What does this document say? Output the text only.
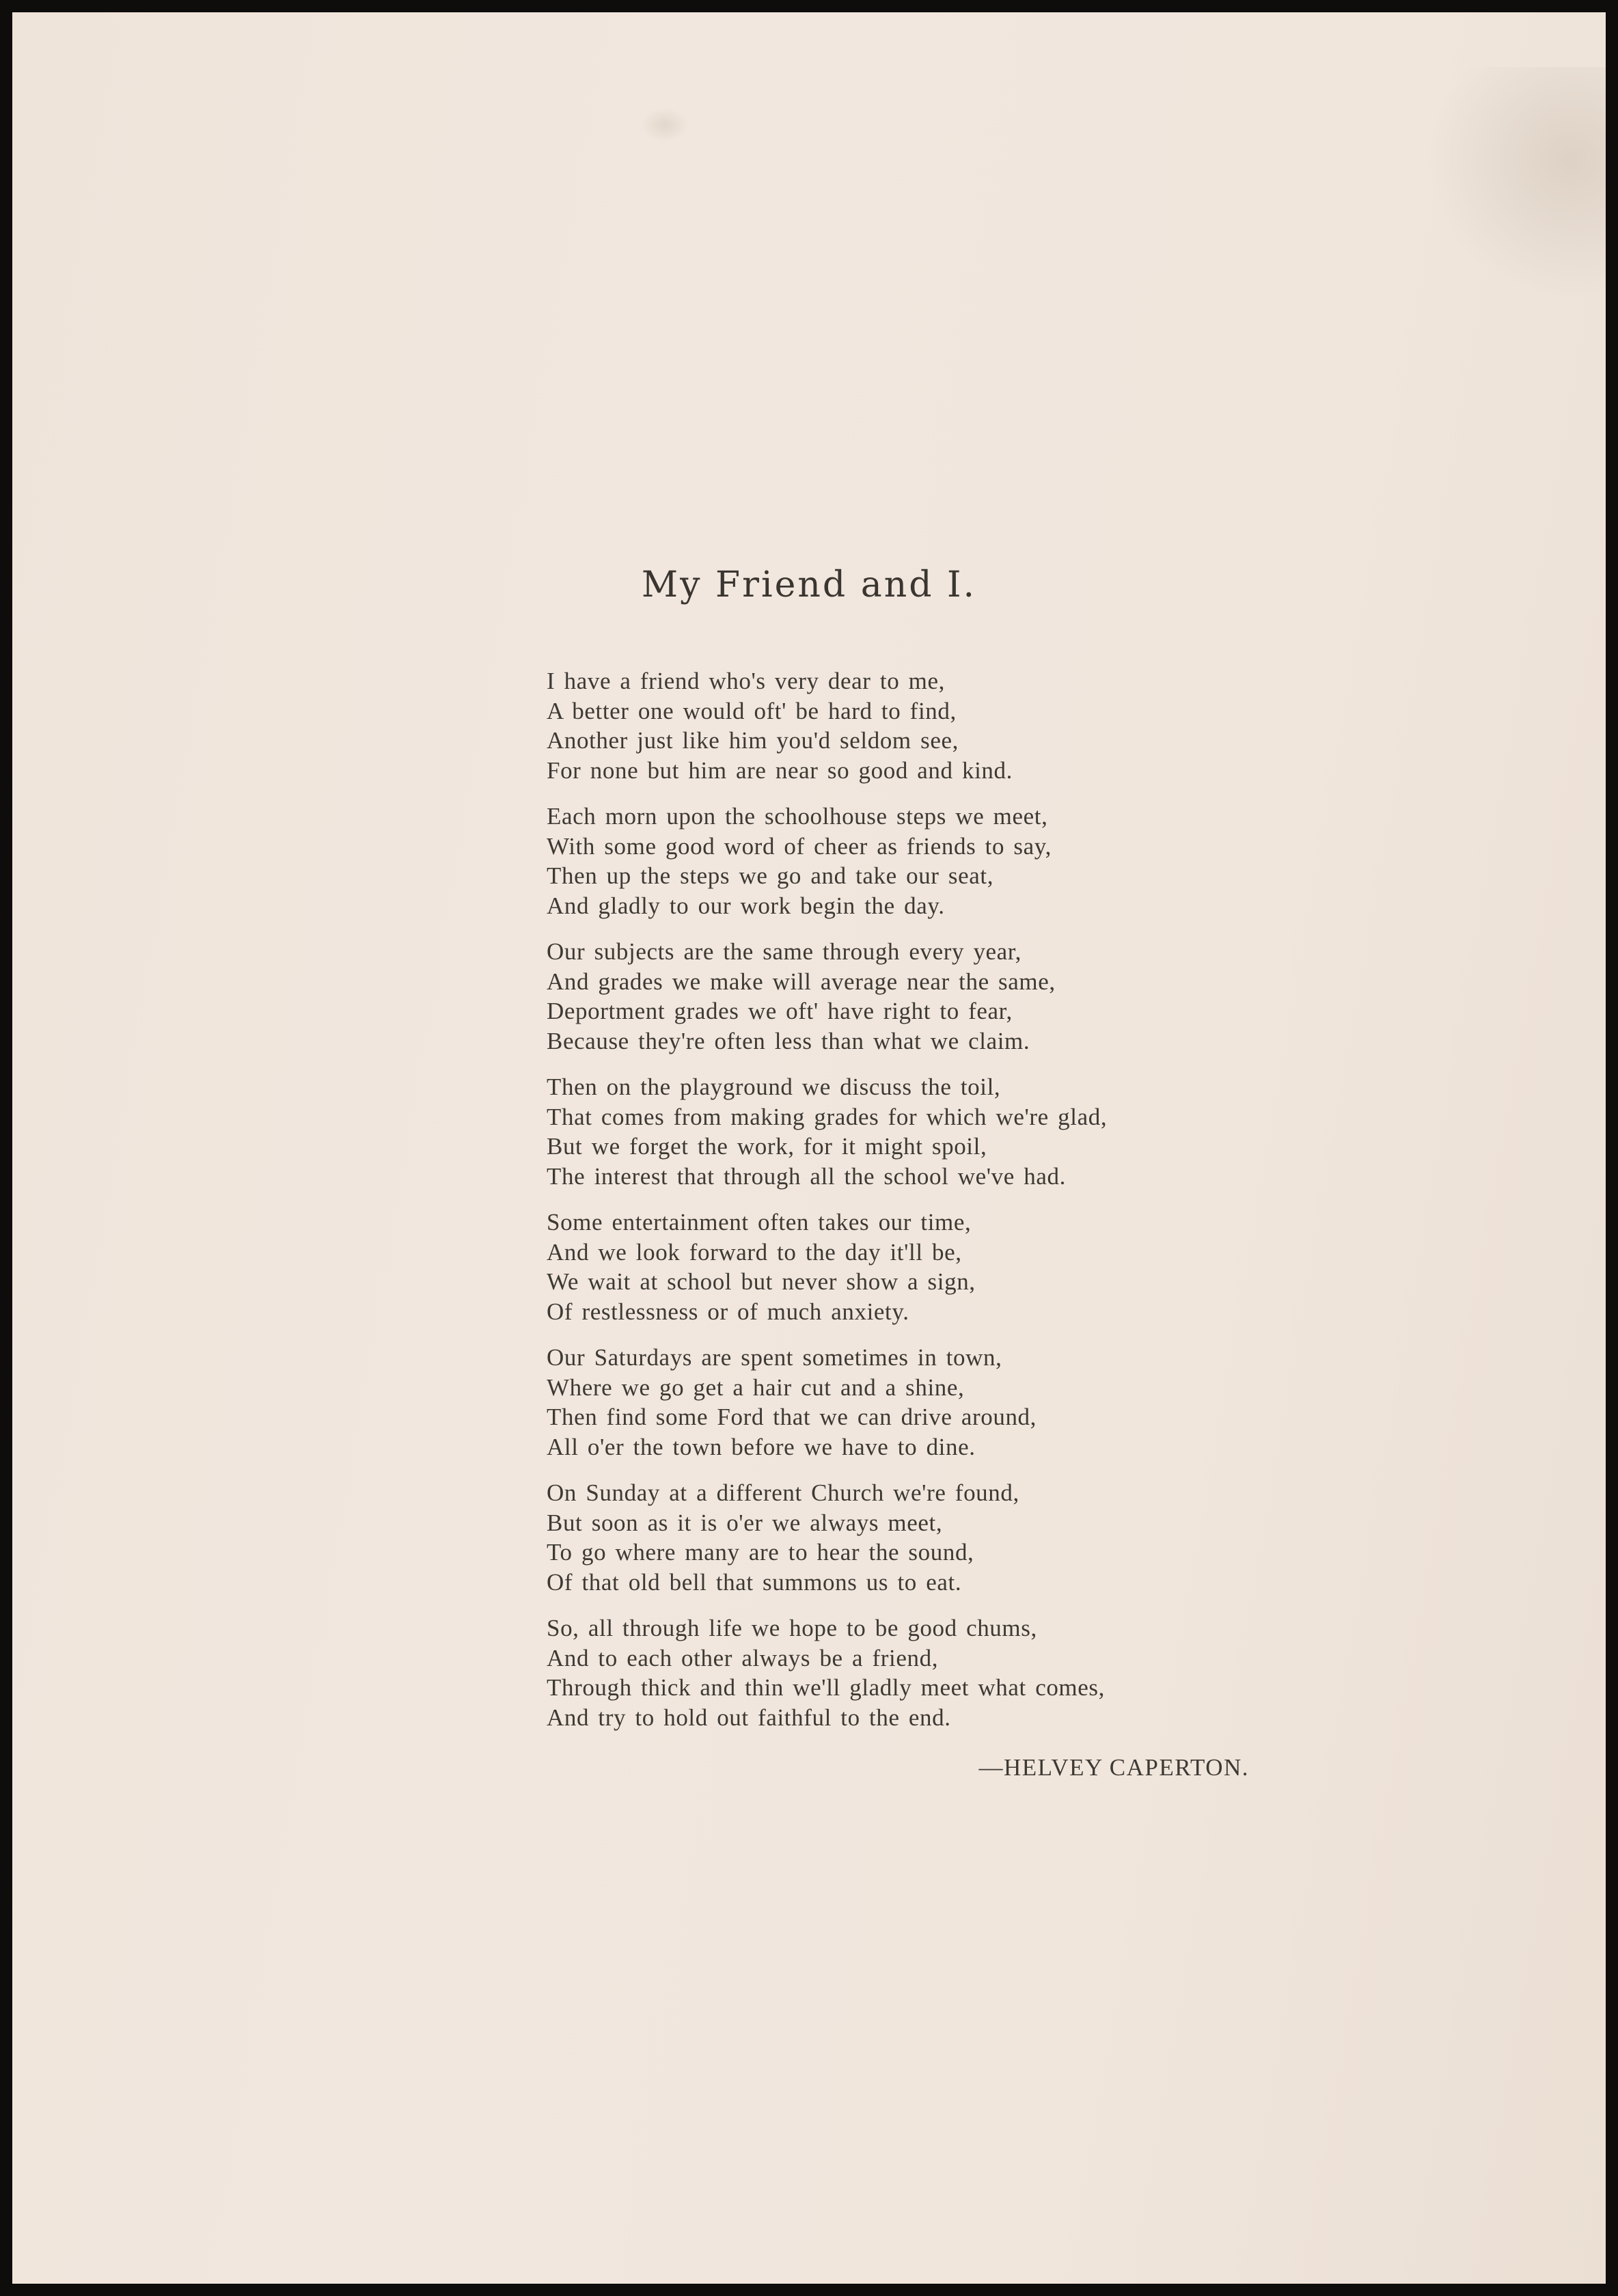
My Friend and I.
I have a friend who's very dear to me,
A better one would oft' be hard to find,
Another just like him you'd seldom see,
For none but him are near so good and kind.
Each morn upon the schoolhouse steps we meet,
With some good word of cheer as friends to say,
Then up the steps we go and take our seat,
And gladly to our work begin the day.
Our subjects are the same through every year,
And grades we make will average near the same,
Deportment grades we oft' have right to fear,
Because they're often less than what we claim.
Then on the playground we discuss the toil,
That comes from making grades for which we're glad,
But we forget the work, for it might spoil,
The interest that through all the school we've had.
Some entertainment often takes our time,
And we look forward to the day it'll be,
We wait at school but never show a sign,
Of restlessness or of much anxiety.
Our Saturdays are spent sometimes in town,
Where we go get a hair cut and a shine,
Then find some Ford that we can drive around,
All o'er the town before we have to dine.
On Sunday at a different Church we're found,
But soon as it is o'er we always meet,
To go where many are to hear the sound,
Of that old bell that summons us to eat.
So, all through life we hope to be good chums,
And to each other always be a friend,
Through thick and thin we'll gladly meet what comes,
And try to hold out faithful to the end.
—HELVEY CAPERTON.
